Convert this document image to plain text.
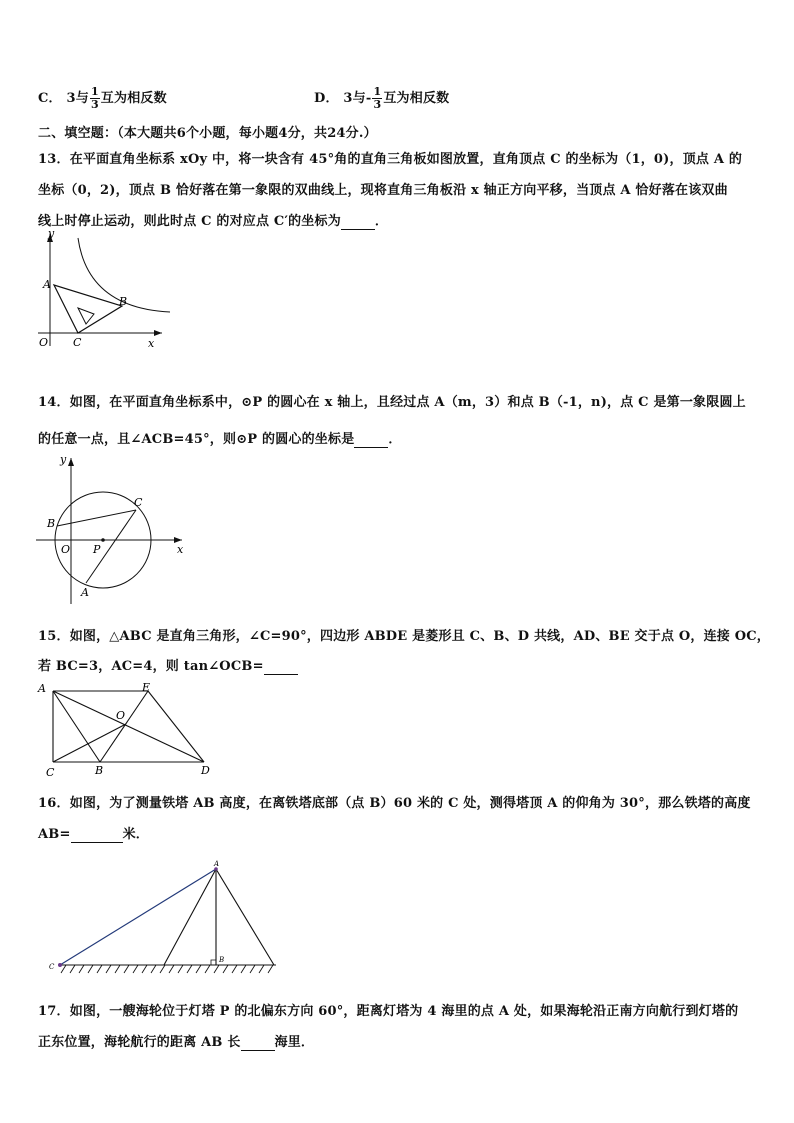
C． 3与 $\frac{1}{3}$ 互为相反数	D． 3与- $\frac{1}{3}$ 互为相反数
二、填空题：（本大题共6个小题，每小题4分，共24分.）
13．在平面直角坐标系 xOy 中，将一块含有 45°角的直角三角板如图放置，直角顶点 C 的坐标为（1，0)，顶点 A 的
坐标（0，2)，顶点 B 恰好落在第一象限的双曲线上，现将直角三角板沿 x 轴正方向平移，当顶点 A 恰好落在该双曲
线上时停止运动，则此时点 C 的对应点 C′的坐标为	．
y
x
O
A
B
C
14．如图，在平面直角坐标系中，⊙P 的圆心在 x 轴上，且经过点 A（m，3）和点 B（-1，n)，点 C 是第一象限圆上
的任意一点，且∠ACB=45°，则⊙P 的圆心的坐标是	．
y
x
O P
A
B
C
15．如图，△ABC 是直角三角形，∠C=90°，四边形 ABDE 是菱形且 C、B、D 共线，AD、BE 交于点 O，连接 OC，
若 BC=3，AC=4，则 tan∠OCB=
A	E
O
C	B	D
16．如图，为了测量铁塔 AB 高度，在离铁塔底部（点 B）60 米的 C 处，测得塔顶 A 的仰角为 30°，那么铁塔的高度
AB=	米．
A
B
C
17．如图，一艘海轮位于灯塔 P 的北偏东方向 60°，距离灯塔为 4 海里的点 A 处，如果海轮沿正南方向航行到灯塔的
正东位置，海轮航行的距离 AB 长	海里．
